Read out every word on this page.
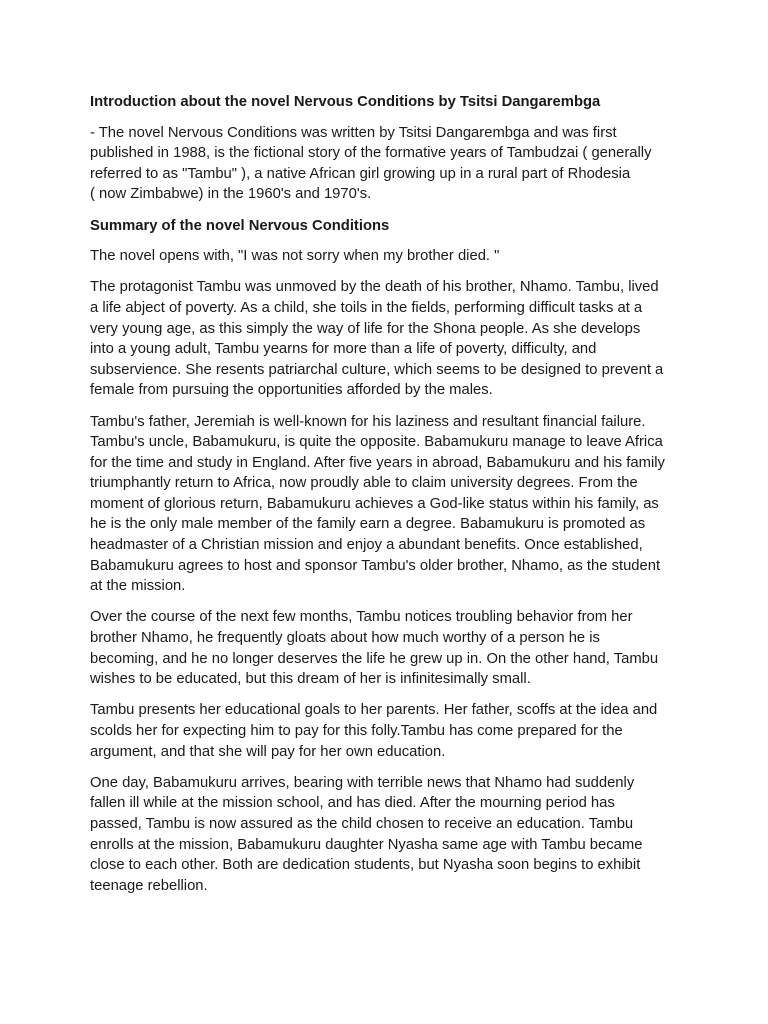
Introduction about the novel Nervous Conditions by Tsitsi Dangarembga

- The novel Nervous Conditions was written by Tsitsi Dangarembga and was first
published in 1988, is the fictional story of the formative years of Tambudzai ( generally
referred to as "Tambu" ), a native African girl growing up in a rural part of Rhodesia
( now Zimbabwe) in the 1960's and 1970's.

Summary of the novel Nervous Conditions

The novel opens with, "I was not sorry when my brother died. "

The protagonist Tambu was unmoved by the death of his brother, Nhamo. Tambu, lived
a life abject of poverty. As a child, she toils in the fields, performing difficult tasks at a
very young age, as this simply the way of life for the Shona people. As she develops
into a young adult, Tambu yearns for more than a life of poverty, difficulty, and
subservience. She resents patriarchal culture, which seems to be designed to prevent a
female from pursuing the opportunities afforded by the males.

Tambu's father, Jeremiah is well-known for his laziness and resultant financial failure.
Tambu's uncle, Babamukuru, is quite the opposite. Babamukuru manage to leave Africa
for the time and study in England. After five years in abroad, Babamukuru and his family
triumphantly return to Africa, now proudly able to claim university degrees. From the
moment of glorious return, Babamukuru achieves a God-like status within his family, as
he is the only male member of the family earn a degree. Babamukuru is promoted as
headmaster of a Christian mission and enjoy a abundant benefits. Once established,
Babamukuru agrees to host and sponsor Tambu's older brother, Nhamo, as the student
at the mission.

Over the course of the next few months, Tambu notices troubling behavior from her
brother Nhamo, he frequently gloats about how much worthy of a person he is
becoming, and he no longer deserves the life he grew up in. On the other hand, Tambu
wishes to be educated, but this dream of her is infinitesimally small.

Tambu presents her educational goals to her parents. Her father, scoffs at the idea and
scolds her for expecting him to pay for this folly.Tambu has come prepared for the
argument, and that she will pay for her own education.

One day, Babamukuru arrives, bearing with terrible news that Nhamo had suddenly
fallen ill while at the mission school, and has died. After the mourning period has
passed, Tambu is now assured as the child chosen to receive an education. Tambu
enrolls at the mission, Babamukuru daughter Nyasha same age with Tambu became
close to each other. Both are dedication students, but Nyasha soon begins to exhibit
teenage rebellion.
